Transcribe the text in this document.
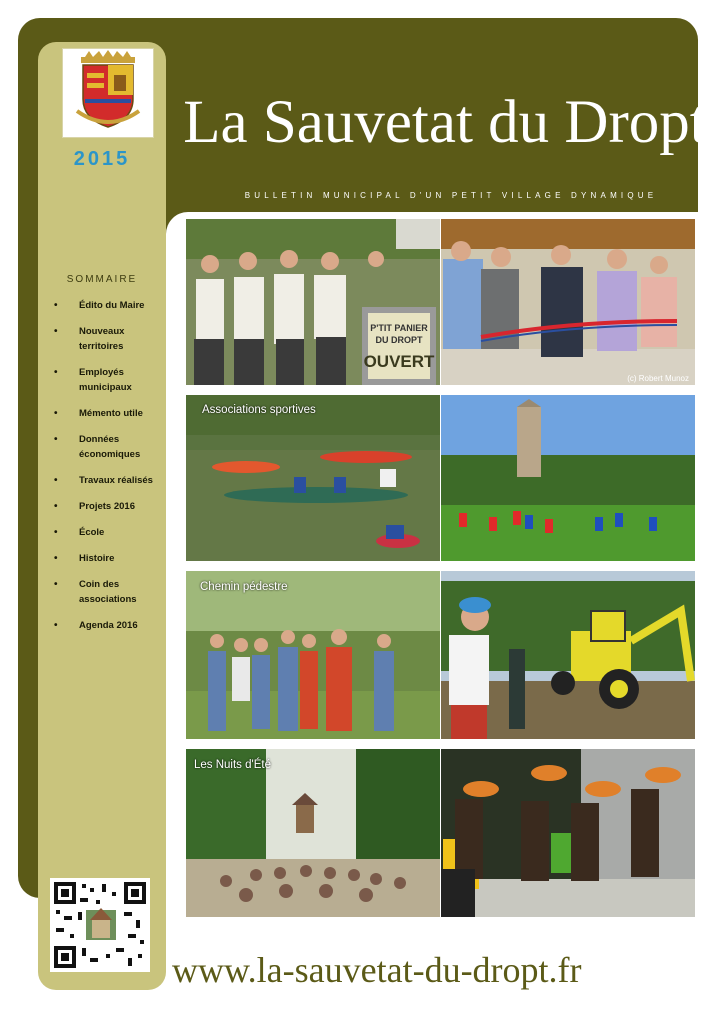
2015
La Sauvetat du Dropt
BULLETIN MUNICIPAL D'UN PETIT VILLAGE DYNAMIQUE
SOMMAIRE
• Édito du Maire
• Nouveaux territoires
• Employés municipaux
• Mémento utile
• Données économiques
• Travaux réalisés
• Projets 2016
• École
• Histoire
• Coin des associations
• Agenda 2016
P'TIT PANIER
DU DROPT
OUVERT
(c) Robert Munoz
Associations sportives
Chemin pédestre
Les Nuits d'Été
www.la-sauvetat-du-dropt.fr
